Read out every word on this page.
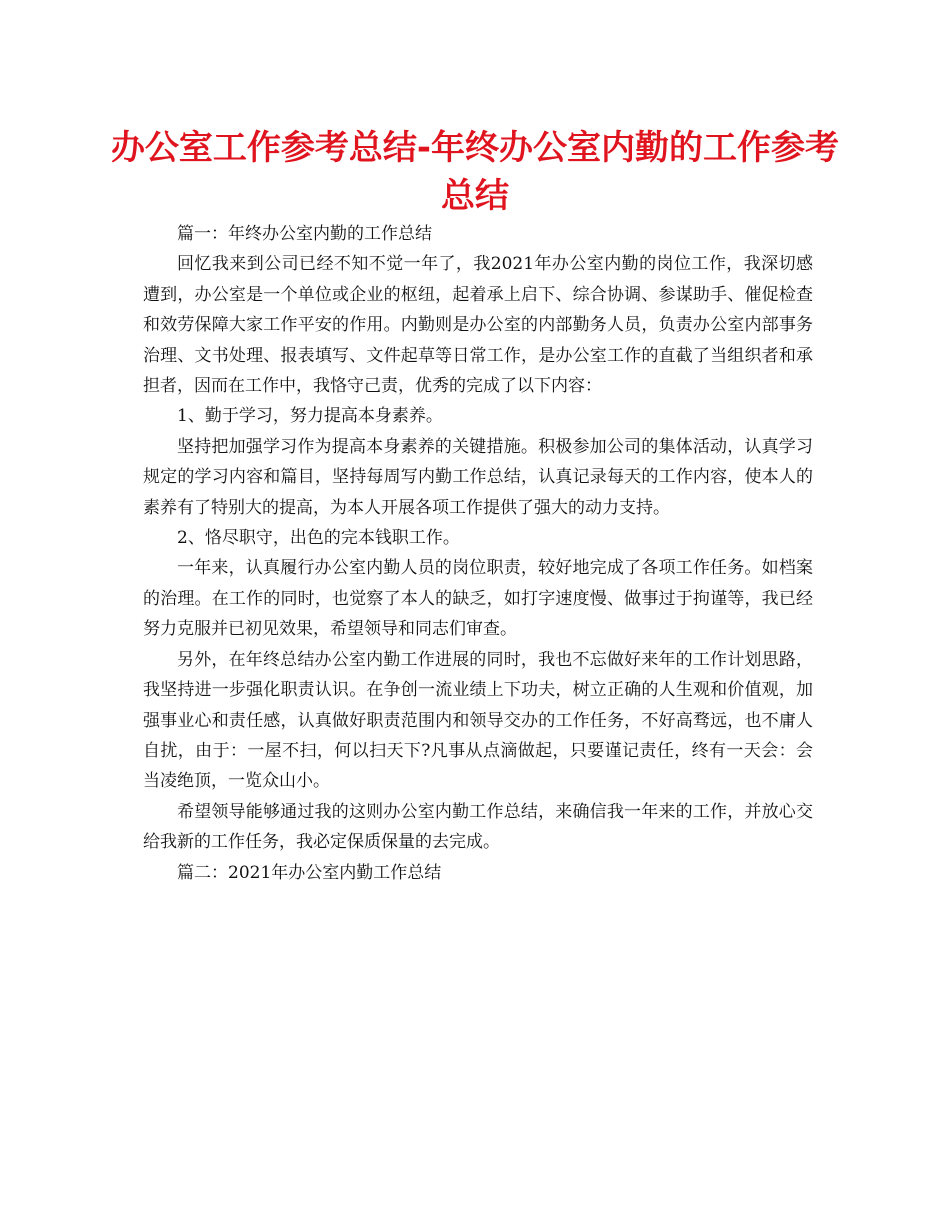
办公室工作参考总结-年终办公室内勤的工作参考总结

篇一：年终办公室内勤的工作总结

回忆我来到公司已经不知不觉一年了，我2021年办公室内勤的岗位工作，我深切感遭到，办公室是一个单位或企业的枢纽，起着承上启下、综合协调、参谋助手、催促检查和效劳保障大家工作平安的作用。内勤则是办公室的内部勤务人员，负责办公室内部事务治理、文书处理、报表填写、文件起草等日常工作，是办公室工作的直截了当组织者和承担者，因而在工作中，我恪守己责，优秀的完成了以下内容：

1、勤于学习，努力提高本身素养。

坚持把加强学习作为提高本身素养的关键措施。积极参加公司的集体活动，认真学习规定的学习内容和篇目，坚持每周写内勤工作总结，认真记录每天的工作内容，使本人的素养有了特别大的提高，为本人开展各项工作提供了强大的动力支持。

2、恪尽职守，出色的完本钱职工作。

一年来，认真履行办公室内勤人员的岗位职责，较好地完成了各项工作任务。如档案的治理。在工作的同时，也觉察了本人的缺乏，如打字速度慢、做事过于拘谨等，我已经努力克服并已初见效果，希望领导和同志们审查。

另外，在年终总结办公室内勤工作进展的同时，我也不忘做好来年的工作计划思路，我坚持进一步强化职责认识。在争创一流业绩上下功夫，树立正确的人生观和价值观，加强事业心和责任感，认真做好职责范围内和领导交办的工作任务，不好高骛远，也不庸人自扰，由于：一屋不扫，何以扫天下?凡事从点滴做起，只要谨记责任，终有一天会：会当凌绝顶，一览众山小。

希望领导能够通过我的这则办公室内勤工作总结，来确信我一年来的工作，并放心交给我新的工作任务，我必定保质保量的去完成。

篇二：2021年办公室内勤工作总结
